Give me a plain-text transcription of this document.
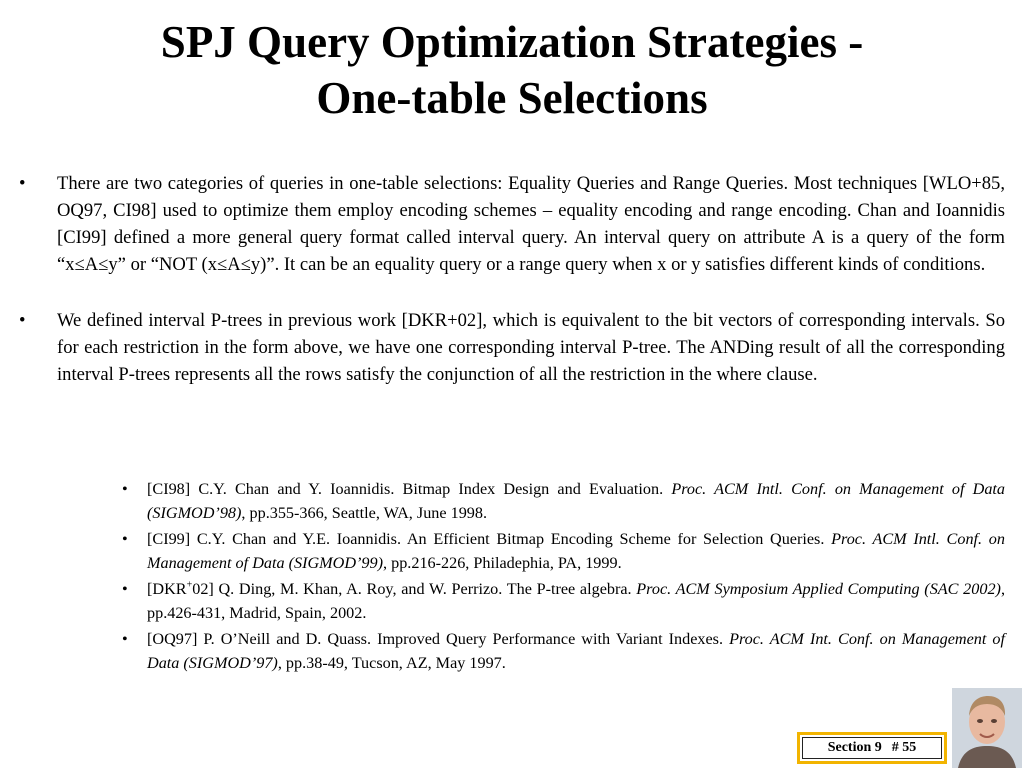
SPJ Query Optimization Strategies -
One-table Selections
• There are two categories of queries in one-table selections: Equality Queries and Range Queries. Most techniques [WLO+85, OQ97, CI98] used to optimize them employ encoding schemes – equality encoding and range encoding. Chan and Ioannidis [CI99] defined a more general query format called interval query. An interval query on attribute A is a query of the form “x≤A≤y” or “NOT (x≤A≤y)”. It can be an equality query or a range query when x or y satisfies different kinds of conditions.
• We defined interval P-trees in previous work [DKR+02], which is equivalent to the bit vectors of corresponding intervals. So for each restriction in the form above, we have one corresponding interval P-tree. The ANDing result of all the corresponding interval P-trees represents all the rows satisfy the conjunction of all the restriction in the where clause.
• [CI98] C.Y. Chan and Y. Ioannidis. Bitmap Index Design and Evaluation. Proc. ACM Intl. Conf. on Management of Data (SIGMOD’98), pp.355-366, Seattle, WA, June 1998.
• [CI99] C.Y. Chan and Y.E. Ioannidis. An Efficient Bitmap Encoding Scheme for Selection Queries. Proc. ACM Intl. Conf. on Management of Data (SIGMOD’99), pp.216-226, Philadephia, PA, 1999.
• [DKR+02] Q. Ding, M. Khan, A. Roy, and W. Perrizo. The P-tree algebra. Proc. ACM Symposium Applied Computing (SAC 2002), pp.426-431, Madrid, Spain, 2002.
• [OQ97] P. O’Neill and D. Quass. Improved Query Performance with Variant Indexes. Proc. ACM Int. Conf. on Management of Data (SIGMOD’97), pp.38-49, Tucson, AZ, May 1997.
Section 9 # 55
